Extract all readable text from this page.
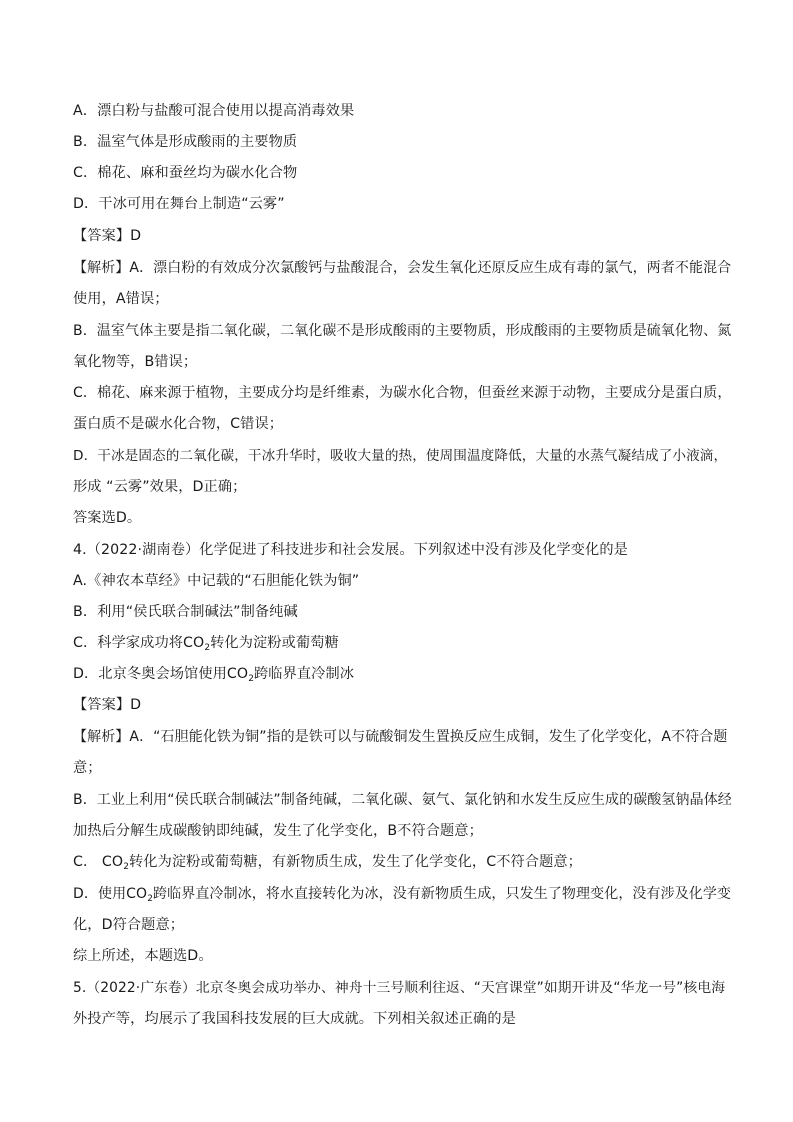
A．漂白粉与盐酸可混合使用以提高消毒效果
B．温室气体是形成酸雨的主要物质
C．棉花、麻和蚕丝均为碳水化合物
D．干冰可用在舞台上制造“云雾”
【答案】D
【解析】A．漂白粉的有效成分次氯酸钙与盐酸混合，会发生氧化还原反应生成有毒的氯气，两者不能混合
使用，A错误；
B．温室气体主要是指二氧化碳，二氧化碳不是形成酸雨的主要物质，形成酸雨的主要物质是硫氧化物、氮
氧化物等，B错误；
C．棉花、麻来源于植物，主要成分均是纤维素，为碳水化合物，但蚕丝来源于动物，主要成分是蛋白质，
蛋白质不是碳水化合物，C错误；
D．干冰是固态的二氧化碳，干冰升华时，吸收大量的热，使周围温度降低，大量的水蒸气凝结成了小液滴，
形成 “云雾”效果，D正确；
答案选D。
4.（2022·湖南卷）化学促进了科技进步和社会发展。下列叙述中没有涉及化学变化的是
A.《神农本草经》中记载的“石胆能化铁为铜”
B．利用“侯氏联合制碱法”制备纯碱
C．科学家成功将$CO_2$转化为淀粉或葡萄糖
D．北京冬奥会场馆使用$CO_2$跨临界直冷制冰
【答案】D
【解析】A．“石胆能化铁为铜”指的是铁可以与硫酸铜发生置换反应生成铜，发生了化学变化，A不符合题
意；
B．工业上利用“侯氏联合制碱法”制备纯碱，二氧化碳、氨气、氯化钠和水发生反应生成的碳酸氢钠晶体经
加热后分解生成碳酸钠即纯碱，发生了化学变化，B不符合题意；
C． $CO_2$转化为淀粉或葡萄糖，有新物质生成，发生了化学变化，C不符合题意；
D．使用$CO_2$跨临界直冷制冰，将水直接转化为冰，没有新物质生成，只发生了物理变化，没有涉及化学变
化，D符合题意；
综上所述，本题选D。
5.（2022·广东卷）北京冬奥会成功举办、神舟十三号顺利往返、“天宫课堂”如期开讲及“华龙一号”核电海
外投产等，均展示了我国科技发展的巨大成就。下列相关叙述正确的是
